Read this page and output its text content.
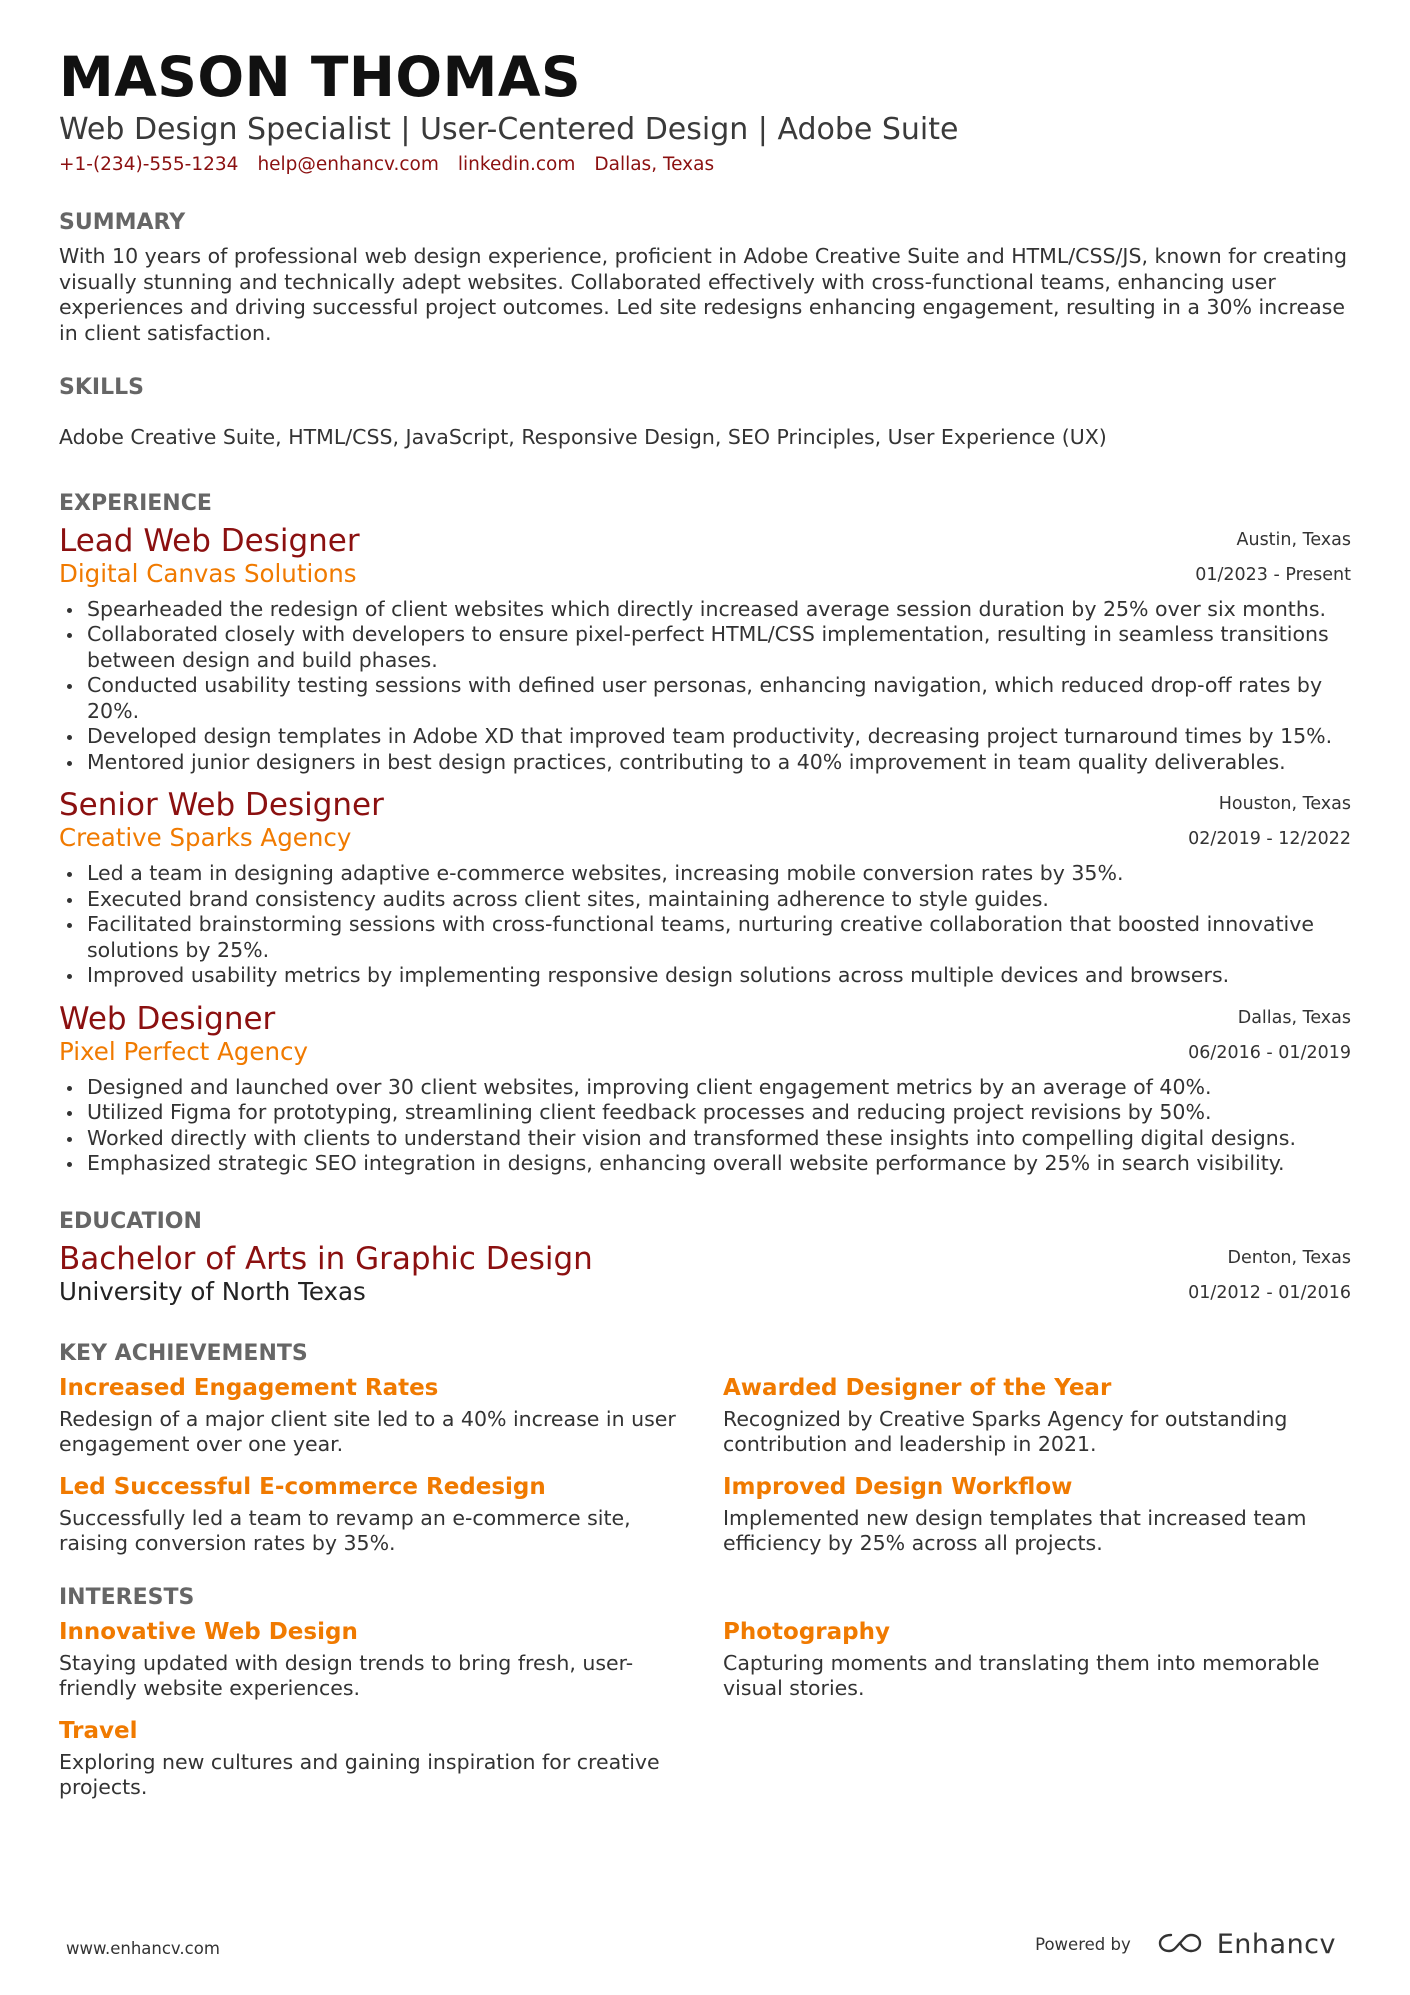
MASON THOMAS
Web Design Specialist | User-Centered Design | Adobe Suite
+1-(234)-555-1234 help@enhancv.com linkedin.com Dallas, Texas
SUMMARY
With 10 years of professional web design experience, proficient in Adobe Creative Suite and HTML/CSS/JS, known for creating visually stunning and technically adept websites. Collaborated effectively with cross-functional teams, enhancing user experiences and driving successful project outcomes. Led site redesigns enhancing engagement, resulting in a 30% increase in client satisfaction.
SKILLS
Adobe Creative Suite, HTML/CSS, JavaScript, Responsive Design, SEO Principles, User Experience (UX)
EXPERIENCE
Lead Web Designer
Digital Canvas Solutions
Austin, Texas
01/2023 - Present
Spearheaded the redesign of client websites which directly increased average session duration by 25% over six months.
Collaborated closely with developers to ensure pixel-perfect HTML/CSS implementation, resulting in seamless transitions between design and build phases.
Conducted usability testing sessions with defined user personas, enhancing navigation, which reduced drop-off rates by 20%.
Developed design templates in Adobe XD that improved team productivity, decreasing project turnaround times by 15%.
Mentored junior designers in best design practices, contributing to a 40% improvement in team quality deliverables.
Senior Web Designer
Creative Sparks Agency
Houston, Texas
02/2019 - 12/2022
Led a team in designing adaptive e-commerce websites, increasing mobile conversion rates by 35%.
Executed brand consistency audits across client sites, maintaining adherence to style guides.
Facilitated brainstorming sessions with cross-functional teams, nurturing creative collaboration that boosted innovative solutions by 25%.
Improved usability metrics by implementing responsive design solutions across multiple devices and browsers.
Web Designer
Pixel Perfect Agency
Dallas, Texas
06/2016 - 01/2019
Designed and launched over 30 client websites, improving client engagement metrics by an average of 40%.
Utilized Figma for prototyping, streamlining client feedback processes and reducing project revisions by 50%.
Worked directly with clients to understand their vision and transformed these insights into compelling digital designs.
Emphasized strategic SEO integration in designs, enhancing overall website performance by 25% in search visibility.
EDUCATION
Bachelor of Arts in Graphic Design
University of North Texas
Denton, Texas
01/2012 - 01/2016
KEY ACHIEVEMENTS
Increased Engagement Rates
Redesign of a major client site led to a 40% increase in user engagement over one year.
Awarded Designer of the Year
Recognized by Creative Sparks Agency for outstanding contribution and leadership in 2021.
Led Successful E-commerce Redesign
Successfully led a team to revamp an e-commerce site, raising conversion rates by 35%.
Improved Design Workflow
Implemented new design templates that increased team efficiency by 25% across all projects.
INTERESTS
Innovative Web Design
Staying updated with design trends to bring fresh, user-friendly website experiences.
Photography
Capturing moments and translating them into memorable visual stories.
Travel
Exploring new cultures and gaining inspiration for creative projects.
www.enhancv.com	Powered by	Enhancv
